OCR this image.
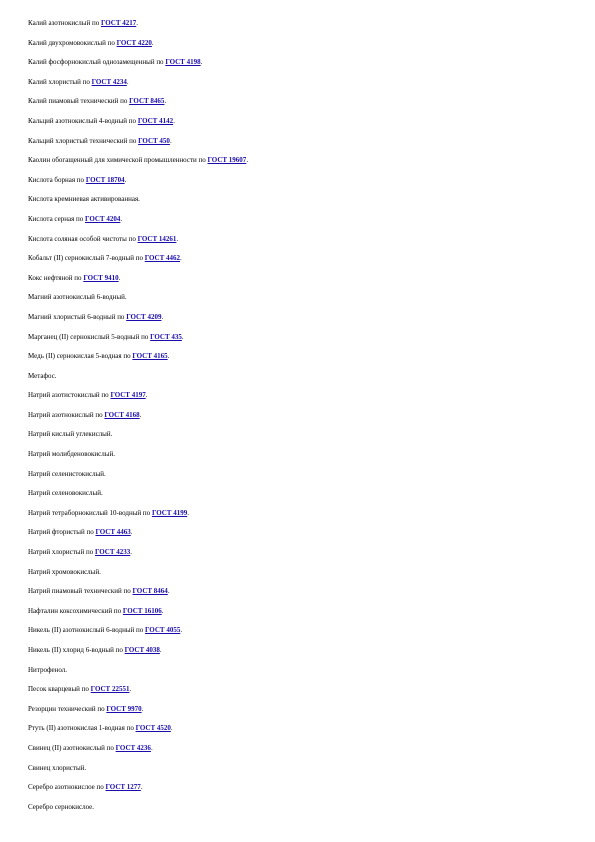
Калий азотнокислый по ГОСТ 4217.
Калий двухромовокислый по ГОСТ 4220.
Калий фосфорнокислый однозамещенный по ГОСТ 4198.
Калий хлористый по ГОСТ 4234.
Калий пиамовый технический по ГОСТ 8465.
Кальций азотнокислый 4-водный по ГОСТ 4142.
Кальций хлористый технический по ГОСТ 450.
Каолин обогащенный для химической промышленности по ГОСТ 19607.
Кислота борная по ГОСТ 18704.
Кислота кремниевая активированная.
Кислота серная по ГОСТ 4204.
Кислота соляная особой чистоты по ГОСТ 14261.
Кобальт (II) сернокислый 7-водный по ГОСТ 4462.
Кокс нефтяной по ГОСТ 9410.
Магний азотнокислый 6-водный.
Магний хлористый 6-водный по ГОСТ 4209.
Марганец (II) сернокислый 5-водный по ГОСТ 435.
Медь (II) сернокислая 5-водная по ГОСТ 4165.
Метафос.
Натрий азотистокислый по ГОСТ 4197.
Натрий азотнокислый по ГОСТ 4168.
Натрий кислый углекислый.
Натрий молибденовокислый.
Натрий селенистокислый.
Натрий селеновокислый.
Натрий тетраборнокислый 10-водный по ГОСТ 4199.
Натрий фтористый по ГОСТ 4463.
Натрий хлористый по ГОСТ 4233.
Натрий хромовокислый.
Натрий пиамовый технический по ГОСТ 8464.
Нафталин коксохимический по ГОСТ 16106.
Никель (II) азотнокислый 6-водный по ГОСТ 4055.
Никель (II) хлорид 6-водный по ГОСТ 4038.
Нитрофенол.
Песок кварцевый по ГОСТ 22551.
Резорцин технический по ГОСТ 9970.
Ртуть (II) азотнокислая 1-водная по ГОСТ 4520.
Свинец (II) азотнокислый по ГОСТ 4236.
Свинец хлористый.
Серебро азотнокислое по ГОСТ 1277.
Серебро сернокислое.
